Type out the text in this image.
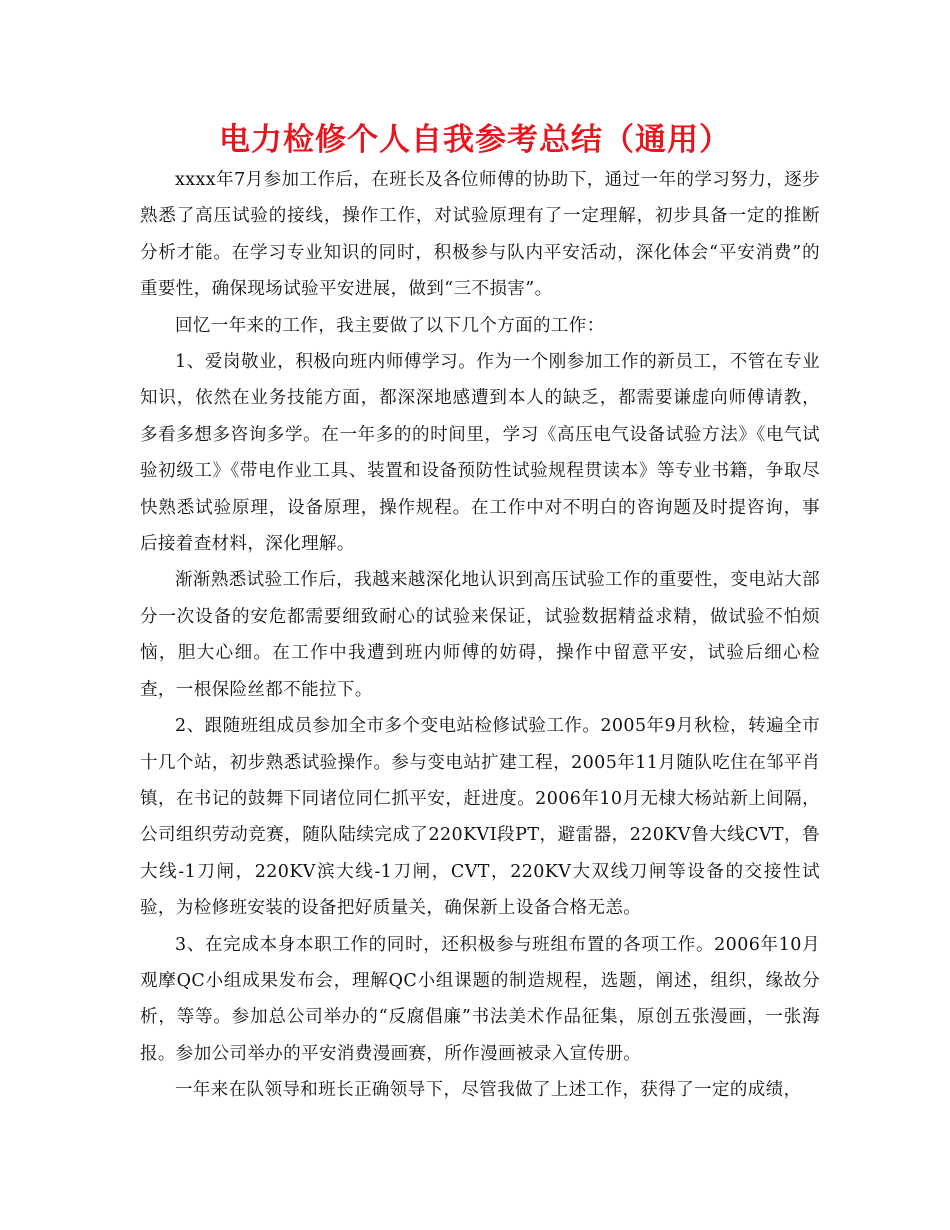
电力检修个人自我参考总结（通用）

xxxx年7月参加工作后，在班长及各位师傅的协助下，通过一年的学习努力，逐步熟悉了高压试验的接线，操作工作，对试验原理有了一定理解，初步具备一定的推断分析才能。在学习专业知识的同时，积极参与队内平安活动，深化体会“平安消费”的重要性，确保现场试验平安进展，做到“三不损害”。

回忆一年来的工作，我主要做了以下几个方面的工作：

1、爱岗敬业，积极向班内师傅学习。作为一个刚参加工作的新员工，不管在专业知识，依然在业务技能方面，都深深地感遭到本人的缺乏，都需要谦虚向师傅请教，多看多想多咨询多学。在一年多的的时间里，学习《高压电气设备试验方法》《电气试验初级工》《带电作业工具、装置和设备预防性试验规程贯读本》等专业书籍，争取尽快熟悉试验原理，设备原理，操作规程。在工作中对不明白的咨询题及时提咨询，事后接着查材料，深化理解。

渐渐熟悉试验工作后，我越来越深化地认识到高压试验工作的重要性，变电站大部分一次设备的安危都需要细致耐心的试验来保证，试验数据精益求精，做试验不怕烦恼，胆大心细。在工作中我遭到班内师傅的妨碍，操作中留意平安，试验后细心检查，一根保险丝都不能拉下。

2、跟随班组成员参加全市多个变电站检修试验工作。2005年9月秋检，转遍全市十几个站，初步熟悉试验操作。参与变电站扩建工程，2005年11月随队吃住在邹平肖镇，在书记的鼓舞下同诸位同仁抓平安，赶进度。2006年10月无棣大杨站新上间隔，公司组织劳动竞赛，随队陆续完成了220KVⅠ段PT，避雷器，220KV鲁大线CVT，鲁大线-1刀闸，220KV滨大线-1刀闸，CVT，220KV大双线刀闸等设备的交接性试验，为检修班安装的设备把好质量关，确保新上设备合格无恙。

3、在完成本身本职工作的同时，还积极参与班组布置的各项工作。2006年10月观摩QC小组成果发布会，理解QC小组课题的制造规程，选题，阐述，组织，缘故分析，等等。参加总公司举办的“反腐倡廉”书法美术作品征集，原创五张漫画，一张海报。参加公司举办的平安消费漫画赛，所作漫画被录入宣传册。

一年来在队领导和班长正确领导下，尽管我做了上述工作，获得了一定的成绩，
